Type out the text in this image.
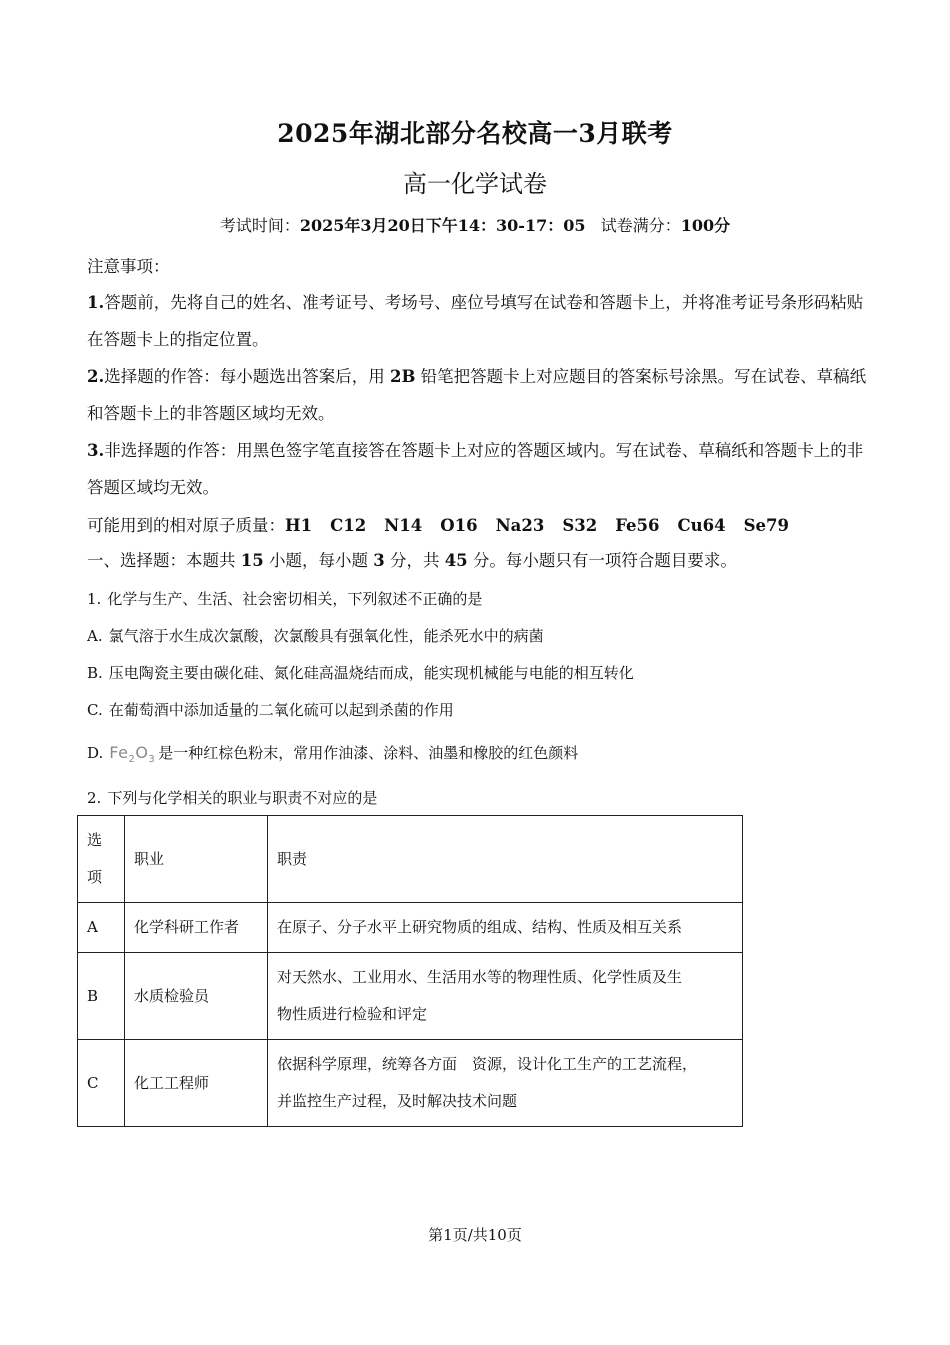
2025年湖北部分名校高一3月联考
高一化学试卷
考试时间：2025年3月20日下午14：30-17：05 试卷满分：100分
注意事项：
1.答题前，先将自己的姓名、准考证号、考场号、座位号填写在试卷和答题卡上，并将准考证号条形码粘贴在答题卡上的指定位置。
2.选择题的作答：每小题选出答案后，用 2B 铅笔把答题卡上对应题目的答案标号涂黑。写在试卷、草稿纸和答题卡上的非答题区域均无效。
3.非选择题的作答：用黑色签字笔直接答在答题卡上对应的答题区域内。写在试卷、草稿纸和答题卡上的非答题区域均无效。
可能用到的相对原子质量：H1 C12 N14 O16 Na23 S32 Fe56 Cu64 Se79
一、选择题：本题共 15 小题，每小题 3 分，共 45 分。每小题只有一项符合题目要求。
1. 化学与生产、生活、社会密切相关，下列叙述不正确的是
A. 氯气溶于水生成次氯酸，次氯酸具有强氧化性，能杀死水中的病菌
B. 压电陶瓷主要由碳化硅、氮化硅高温烧结而成，能实现机械能与电能的相互转化
C. 在葡萄酒中添加适量的二氧化硫可以起到杀菌的作用
D. $Fe_2O_3$ 是一种红棕色粉末，常用作油漆、涂料、油墨和橡胶的红色颜料
2. 下列与化学相关的职业与职责不对应的是
选
项	职业	职责
A	化学科研工作者	在原子、分子水平上研究物质的组成、结构、性质及相互关系
B	水质检验员	对天然水、工业用水、生活用水等的物理性质、化学性质及生
物性质进行检验和评定

C	化工工程师	依据科学原理，统筹各方面　资源，设计化工生产的工艺流程，
并监控生产过程，及时解决技术问题
第1页/共10页
